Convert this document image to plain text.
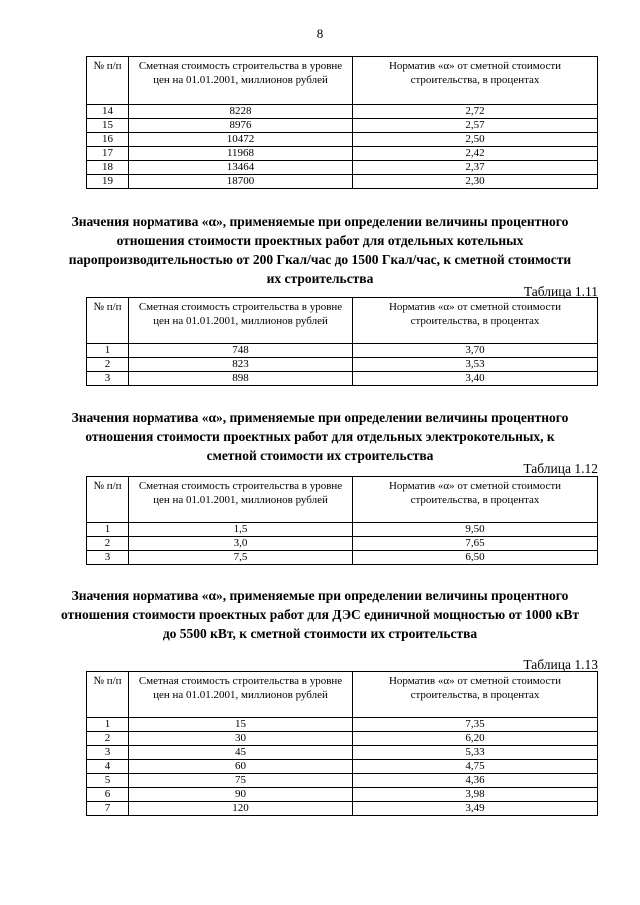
8
№ п/п	Сметная стоимость строительства в уровне цен на 01.01.2001, миллионов рублей	Норматив «α» от сметной стоимости строительства, в процентах
14	8228	2,72
15	8976	2,57
16	10472	2,50
17	11968	2,42
18	13464	2,37
19	18700	2,30
Значения норматива «α», применяемые при определении величины процентного отношения стоимости проектных работ для отдельных котельных паропроизводительностью от 200 Гкал/час до 1500 Гкал/час, к сметной стоимости их строительства
Таблица 1.11
№ п/п	Сметная стоимость строительства в уровне цен на 01.01.2001, миллионов рублей	Норматив «α» от сметной стоимости строительства, в процентах
1	748	3,70
2	823	3,53
3	898	3,40
Значения норматива «α», применяемые при определении величины процентного отношения стоимости проектных работ для отдельных электрокотельных, к сметной стоимости их строительства
Таблица 1.12
№ п/п	Сметная стоимость строительства в уровне цен на 01.01.2001, миллионов рублей	Норматив «α» от сметной стоимости строительства, в процентах
1	1,5	9,50
2	3,0	7,65
3	7,5	6,50
Значения норматива «α», применяемые при определении величины процентного отношения стоимости проектных работ для ДЭС единичной мощностью от 1000 кВт до 5500 кВт, к сметной стоимости их строительства
Таблица 1.13
№ п/п	Сметная стоимость строительства в уровне цен на 01.01.2001, миллионов рублей	Норматив «α» от сметной стоимости строительства, в процентах
1	15	7,35
2	30	6,20
3	45	5,33
4	60	4,75
5	75	4,36
6	90	3,98
7	120	3,49
